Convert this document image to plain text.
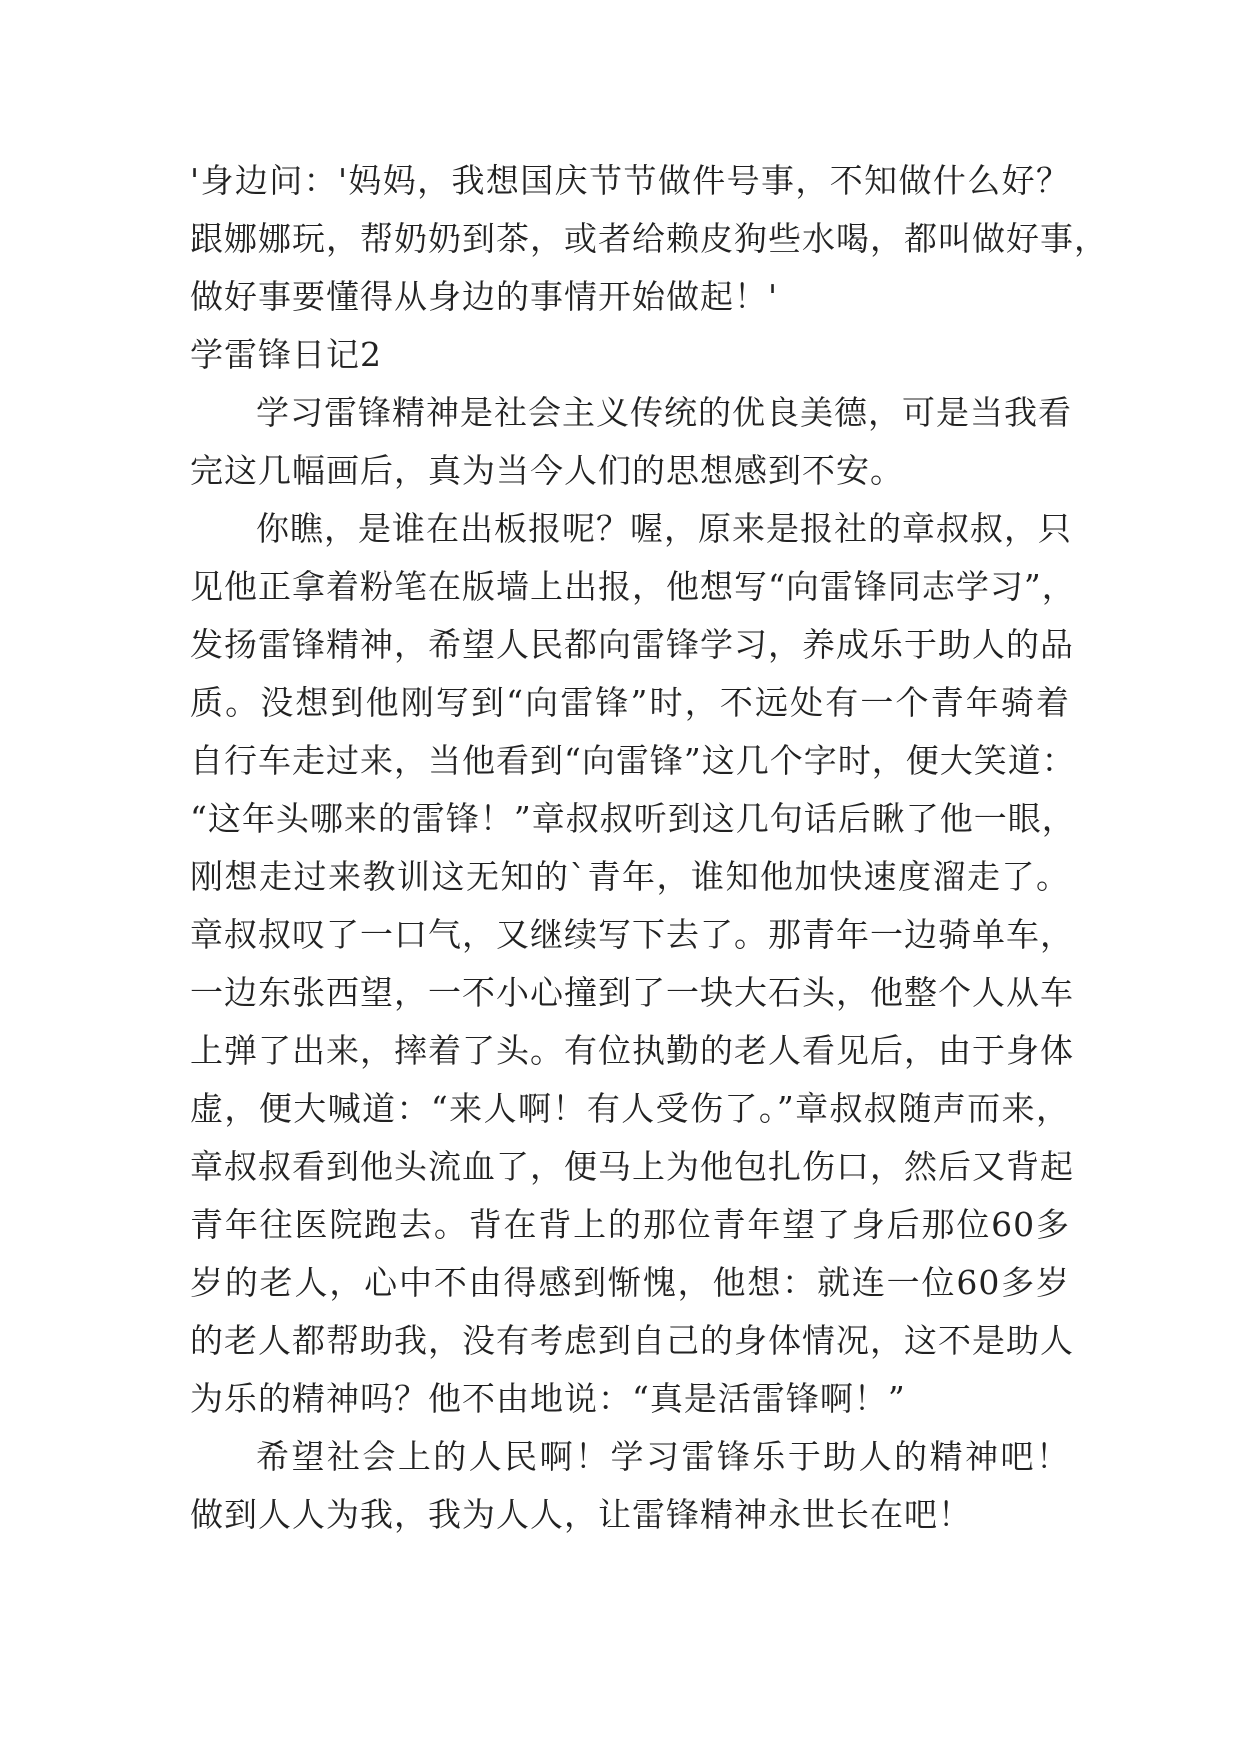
'身边问：'妈妈，我想国庆节节做件号事，不知做什么好？
跟娜娜玩，帮奶奶到茶，或者给赖皮狗些水喝，都叫做好事，
做好事要懂得从身边的事情开始做起！'
学雷锋日记2
学习雷锋精神是社会主义传统的优良美德，可是当我看
完这几幅画后，真为当今人们的思想感到不安。
你瞧，是谁在出板报呢？喔，原来是报社的章叔叔，只
见他正拿着粉笔在版墙上出报，他想写“向雷锋同志学习”，
发扬雷锋精神，希望人民都向雷锋学习，养成乐于助人的品
质。没想到他刚写到“向雷锋”时，不远处有一个青年骑着
自行车走过来，当他看到“向雷锋”这几个字时，便大笑道：
“这年头哪来的雷锋！”章叔叔听到这几句话后瞅了他一眼，
刚想走过来教训这无知的`青年，谁知他加快速度溜走了。
章叔叔叹了一口气，又继续写下去了。那青年一边骑单车，
一边东张西望，一不小心撞到了一块大石头，他整个人从车
上弹了出来，摔着了头。有位执勤的老人看见后，由于身体
虚，便大喊道：“来人啊！有人受伤了。”章叔叔随声而来，
章叔叔看到他头流血了，便马上为他包扎伤口，然后又背起
青年往医院跑去。背在背上的那位青年望了身后那位60多
岁的老人，心中不由得感到惭愧，他想：就连一位60多岁
的老人都帮助我，没有考虑到自己的身体情况，这不是助人
为乐的精神吗？他不由地说：“真是活雷锋啊！”
希望社会上的人民啊！学习雷锋乐于助人的精神吧！
做到人人为我，我为人人，让雷锋精神永世长在吧！
